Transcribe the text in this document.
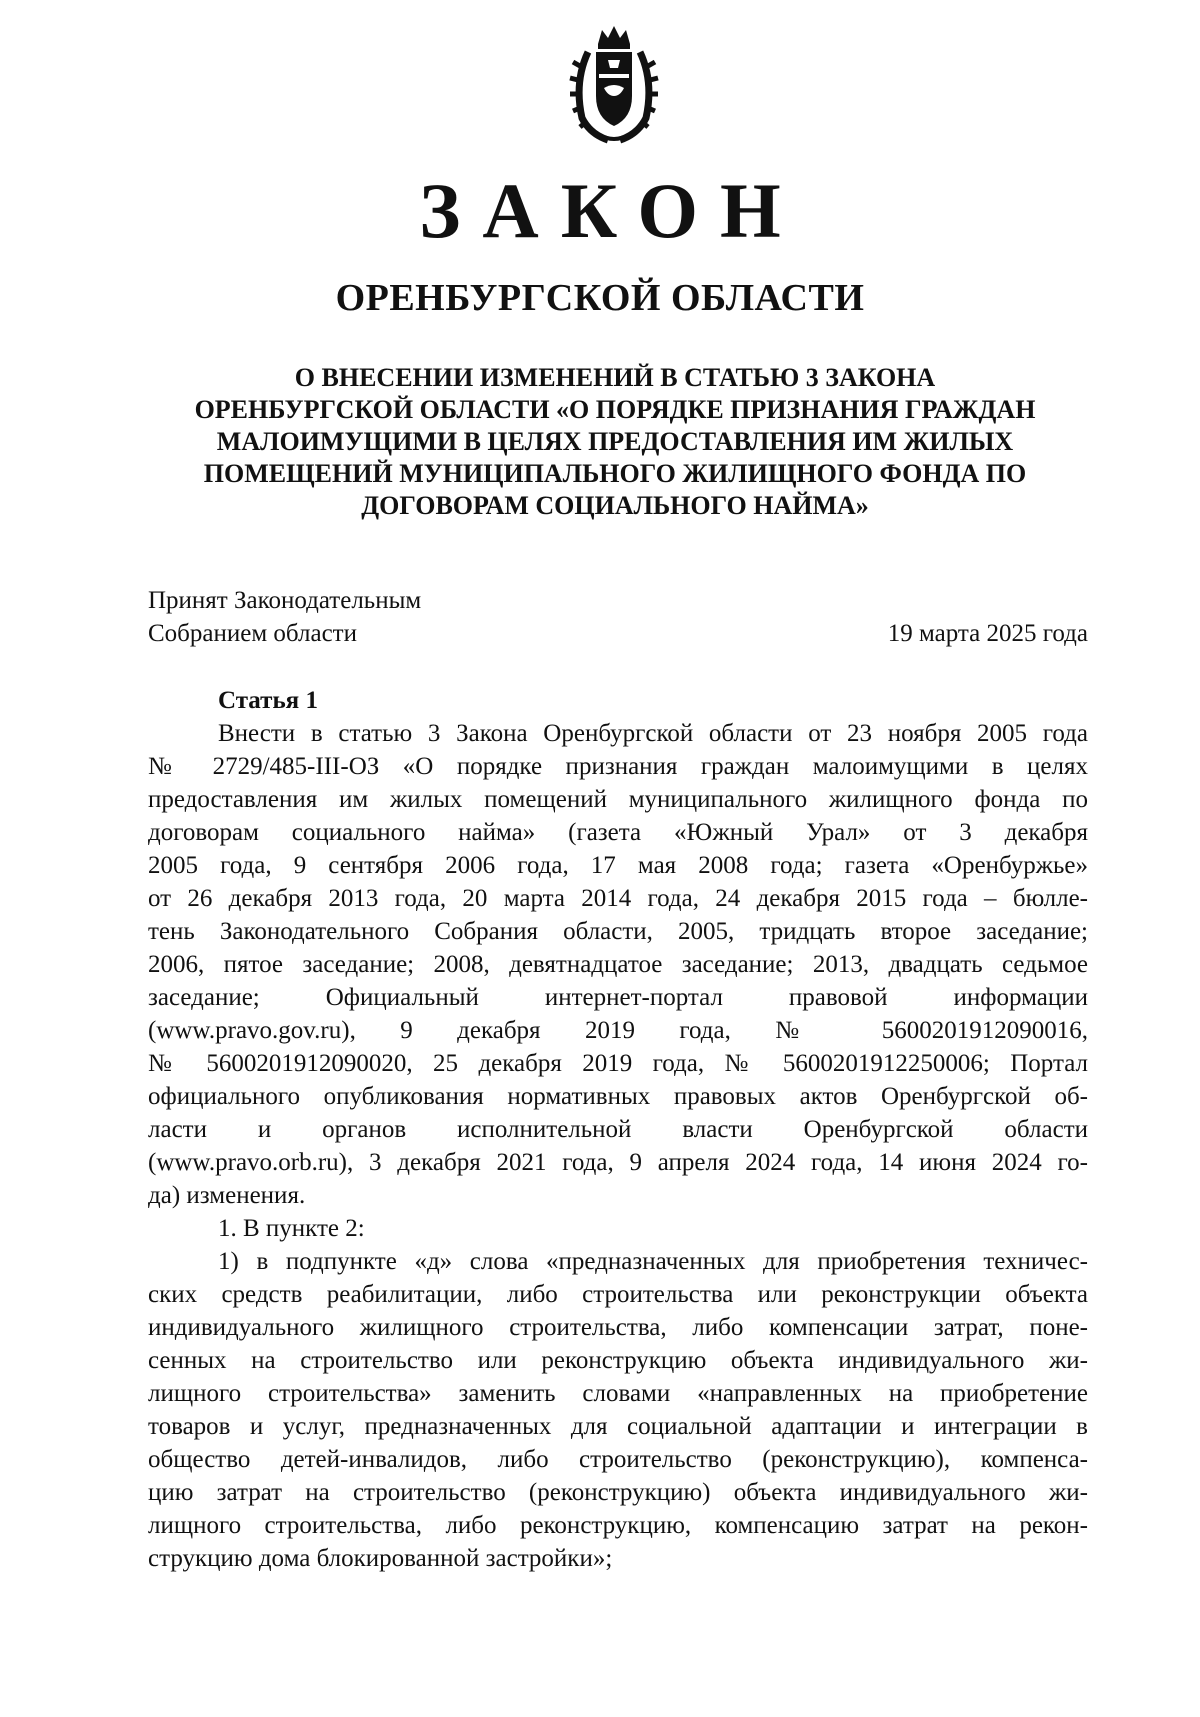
ЗАКОН
ОРЕНБУРГСКОЙ ОБЛАСТИ
О ВНЕСЕНИИ ИЗМЕНЕНИЙ В СТАТЬЮ 3 ЗАКОНА
ОРЕНБУРГСКОЙ ОБЛАСТИ «О ПОРЯДКЕ ПРИЗНАНИЯ ГРАЖДАН
МАЛОИМУЩИМИ В ЦЕЛЯХ ПРЕДОСТАВЛЕНИЯ ИМ ЖИЛЫХ
ПОМЕЩЕНИЙ МУНИЦИПАЛЬНОГО ЖИЛИЩНОГО ФОНДА ПО
ДОГОВОРАМ СОЦИАЛЬНОГО НАЙМА»
Принят Законодательным
Собранием области	19 марта 2025 года
Статья 1
Внести в статью 3 Закона Оренбургской области от 23 ноября 2005 года
№ 2729/485-III-ОЗ «О порядке признания граждан малоимущими в целях
предоставления им жилых помещений муниципального жилищного фонда по
договорам социального найма» (газета «Южный Урал» от 3 декабря
2005 года, 9 сентября 2006 года, 17 мая 2008 года; газета «Оренбуржье»
от 26 декабря 2013 года, 20 марта 2014 года, 24 декабря 2015 года – бюлле-
тень Законодательного Собрания области, 2005, тридцать второе заседание;
2006, пятое заседание; 2008, девятнадцатое заседание; 2013, двадцать седьмое
заседание; Официальный интернет-портал правовой информации
(www.pravo.gov.ru), 9 декабря 2019 года, № 5600201912090016,
№ 5600201912090020, 25 декабря 2019 года, № 5600201912250006; Портал
официального опубликования нормативных правовых актов Оренбургской об-
ласти и органов исполнительной власти Оренбургской области
(www.pravo.orb.ru), 3 декабря 2021 года, 9 апреля 2024 года, 14 июня 2024 го-
да) изменения.
1. В пункте 2:
1) в подпункте «д» слова «предназначенных для приобретения техничес-
ских средств реабилитации, либо строительства или реконструкции объекта
индивидуального жилищного строительства, либо компенсации затрат, поне-
сенных на строительство или реконструкцию объекта индивидуального жи-
лищного строительства» заменить словами «направленных на приобретение
товаров и услуг, предназначенных для социальной адаптации и интеграции в
общество детей-инвалидов, либо строительство (реконструкцию), компенса-
цию затрат на строительство (реконструкцию) объекта индивидуального жи-
лищного строительства, либо реконструкцию, компенсацию затрат на рекон-
струкцию дома блокированной застройки»;
